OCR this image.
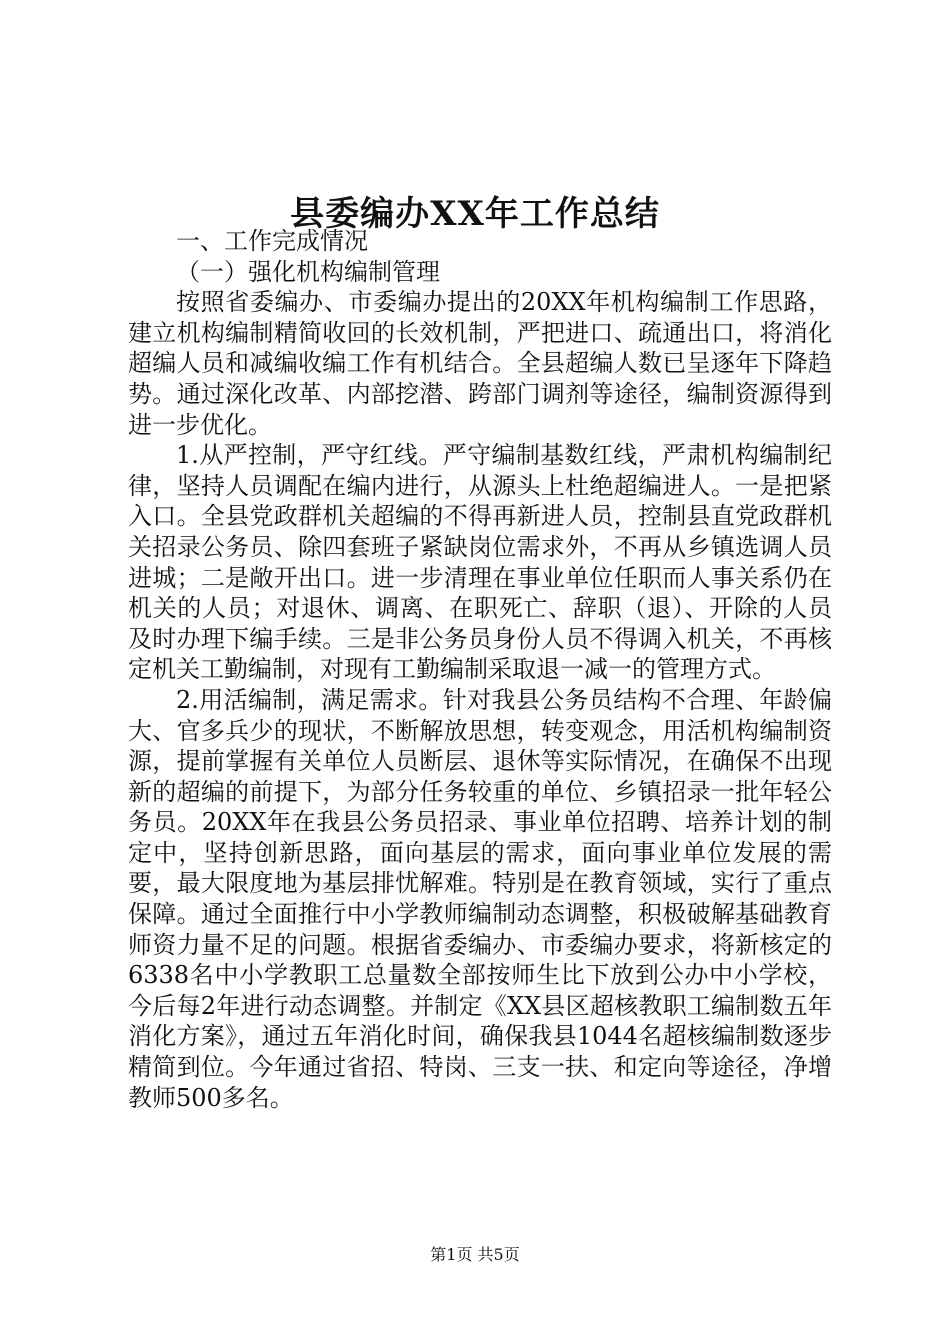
县委编办XX年工作总结

一、工作完成情况

（一）强化机构编制管理

按照省委编办、市委编办提出的20XX年机构编制工作思路，建立机构编制精简收回的长效机制，严把进口、疏通出口，将消化超编人员和减编收编工作有机结合。全县超编人数已呈逐年下降趋势。通过深化改革、内部挖潜、跨部门调剂等途径，编制资源得到进一步优化。

1.从严控制，严守红线。严守编制基数红线，严肃机构编制纪律，坚持人员调配在编内进行，从源头上杜绝超编进人。一是把紧入口。全县党政群机关超编的不得再新进人员，控制县直党政群机关招录公务员、除四套班子紧缺岗位需求外，不再从乡镇选调人员进城；二是敞开出口。进一步清理在事业单位任职而人事关系仍在机关的人员；对退休、调离、在职死亡、辞职（退）、开除的人员及时办理下编手续。三是非公务员身份人员不得调入机关，不再核定机关工勤编制，对现有工勤编制采取退一减一的管理方式。

2.用活编制，满足需求。针对我县公务员结构不合理、年龄偏大、官多兵少的现状，不断解放思想，转变观念，用活机构编制资源，提前掌握有关单位人员断层、退休等实际情况，在确保不出现新的超编的前提下，为部分任务较重的单位、乡镇招录一批年轻公务员。20XX年在我县公务员招录、事业单位招聘、培养计划的制定中，坚持创新思路，面向基层的需求，面向事业单位发展的需要，最大限度地为基层排忧解难。特别是在教育领域，实行了重点保障。通过全面推行中小学教师编制动态调整，积极破解基础教育师资力量不足的问题。根据省委编办、市委编办要求，将新核定的6338名中小学教职工总量数全部按师生比下放到公办中小学校，今后每2年进行动态调整。并制定《XX县区超核教职工编制数五年消化方案》，通过五年消化时间，确保我县1044名超核编制数逐步精简到位。今年通过省招、特岗、三支一扶、和定向等途径，净增教师500多名。

第1页 共5页
